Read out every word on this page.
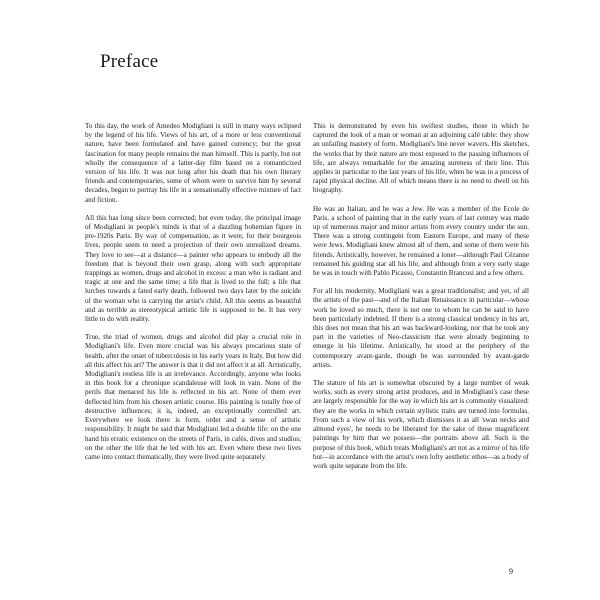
Preface

To this day, the work of Amedeo Modigliani is still in many ways eclipsed by the legend of his life. Views of his art, of a more or less conventional nature, have been formulated and have gained currency; but the great fascination for many people remains the man himself. This is partly, but not wholly the consequence of a latter-day film based on a romanticized version of his life. It was not long after his death that his own literary friends and contemporaries, some of whom were to survive him by several decades, began to portray his life in a sensationally effective mixture of fact and fiction.

All this has long since been corrected; but even today, the principal image of Modigliani in people's minds is that of a dazzling bohemian figure in pre-1920s Paris. By way of compensation, as it were, for their bourgeois lives, people seem to need a projection of their own unrealized dreams. They love to see—at a distance—a painter who appears to embody all the freedom that is beyond their own grasp, along with such appropriate trappings as women, drugs and alcohol in excess: a man who is radiant and tragic at one and the same time; a life that is lived to the full; a life that lurches towards a fated early death, followed two days later by the suicide of the woman who is carrying the artist's child. All this seems as beautiful and as terrible as stereotypical artistic life is supposed to be. It has very little to do with reality.

True, the triad of women, drugs and alcohol did play a crucial role in Modigliani's life. Even more crucial was his always precarious state of health, after the onset of tuberculosis in his early years in Italy. But how did all this affect his art? The answer is that it did not affect it at all. Artistically, Modigliani's restless life is an irrelevance. Accordingly, anyone who looks in this book for a chronique scandaleuse will look in vain. None of the perils that menaced his life is reflected in his art. None of them ever deflected him from his chosen artistic course. His painting is totally free of destructive influences; it is, indeed, an exceptionally controlled art. Everywhere we look there is form, order and a sense of artistic responsibility. It might be said that Modigliani led a double life: on the one hand his erratic existence on the streets of Paris, in cafés, dives and studios; on the other the life that he led with his art. Even where these two lives came into contact thematically, they were lived quite separately.

This is demonstrated by even his swiftest studies, those in which he captured the look of a man or woman at an adjoining café table: they show an unfailing mastery of form. Modigliani's line never wavers. His sketches, the works that by their nature are most exposed to the passing influences of life, are always remarkable for the amazing sureness of their line. This applies in particular to the last years of his life, when he was in a process of rapid physical decline. All of which means there is no need to dwell on his biography.

He was an Italian, and he was a Jew. He was a member of the Ecole de Paris, a school of painting that in the early years of last century was made up of numerous major and minor artists from every country under the sun. There was a strong contingent from Eastern Europe, and many of these were Jews. Modigliani knew almost all of them, and some of them were his friends. Artistically, however, he remained a loner—although Paul Cézanne remained his guiding star all his life, and although from a very early stage he was in touch with Pablo Picasso, Constantin Brancusi and a few others.

For all his modernity, Modigliani was a great traditionalist; and yet, of all the artists of the past—and of the Italian Renaissance in particular—whose work he loved so much, there is not one to whom he can be said to have been particularly indebted. If there is a strong classical tendency in his art, this does not mean that his art was backward-looking, nor that he took any part in the varieties of Neo-classicism that were already beginning to emerge in his lifetime. Artistically, he stood at the periphery of the contemporary avant-garde, though he was surrounded by avant-garde artists.

The stature of his art is somewhat obscured by a large number of weak works, such as every strong artist produces, and in Modigliani's case these are largely responsible for the way in which his art is commonly visualized: they are the works in which certain stylistic traits are turned into formulas. From such a view of his work, which dismisses it as all 'swan necks and almond eyes', he needs to be liberated for the sake of those magnificent paintings by him that we possess—the portraits above all. Such is the purpose of this book, which treats Modigliani's art not as a mirror of his life but—in accordance with the artist's own lofty aesthetic ethos—as a body of work quite separate from the life.

9
